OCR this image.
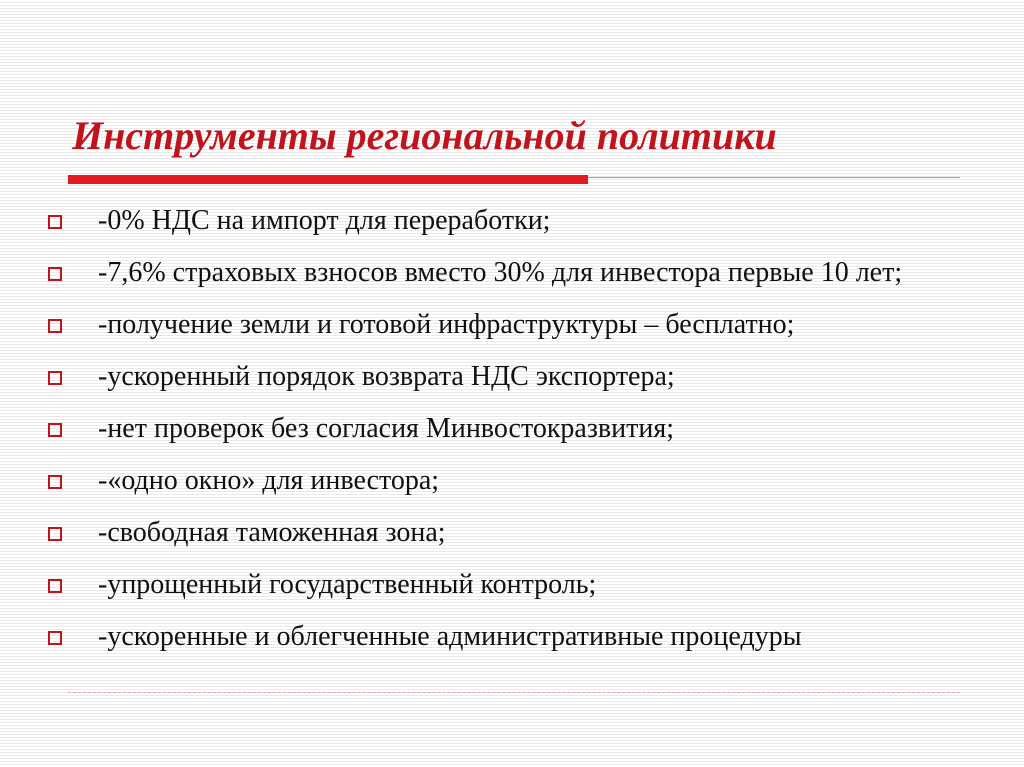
Инструменты региональной политики
-0% НДС на импорт для переработки;
-7,6% страховых взносов вместо 30% для инвестора первые 10 лет;
-получение земли и готовой инфраструктуры – бесплатно;
-ускоренный порядок возврата НДС экспортера;
-нет проверок без согласия Минвостокразвития;
-«одно окно» для инвестора;
-свободная таможенная зона;
-упрощенный государственный контроль;
-ускоренные и облегченные административные процедуры
